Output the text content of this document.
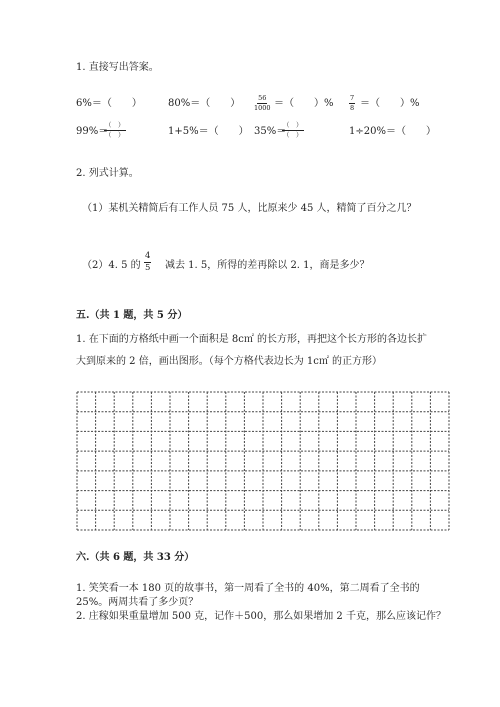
1. 直接写出答案。
6%＝（　　）	80%＝（　　） $\frac{56}{1000}$ ＝（　　）% $\frac{7}{8}$ ＝（　　）%
99%＝
（　）
（　）	1+5%＝（　　） 35%＝
（　）
（　）	1÷20%＝（　　）
2. 列式计算。
（1）某机关精简后有工作人员 75 人，比原来少 45 人，精简了百分之几？
（2）4. 5 的 $\frac{4}{5}$ 减去 1. 5，所得的差再除以 2. 1，商是多少？
五.（共 1 题，共 5 分）
1. 在下面的方格纸中画一个面积是 8c㎡ 的长方形，再把这个长方形的各边长扩
大到原来的 2 倍，画出图形。（每个方格代表边长为 1c㎡ 的正方形）
六.（共 6 题，共 33 分）
1. 笑笑看一本 180 页的故事书，第一周看了全书的 40%，第二周看了全书的
25%。两周共看了多少页？
2. 庄稼如果重量增加 500 克，记作＋500，那么如果增加 2 千克，那么应该记作？
